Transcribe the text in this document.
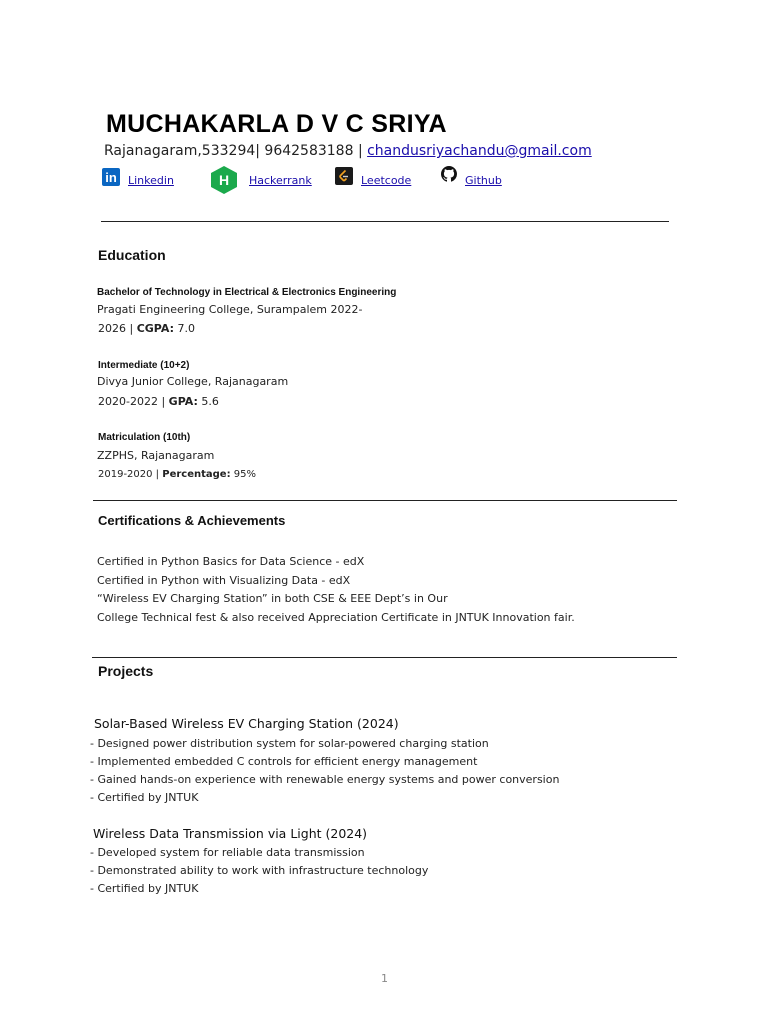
MUCHAKARLA D V C SRIYA
Rajanagaram,533294| 9642583188 | chandusriyachandu@gmail.com
in Linkedin	H Hackerrank	Leetcode	Github
Education
Bachelor of Technology in Electrical & Electronics Engineering
Pragati Engineering College, Surampalem 2022-
2026 | CGPA: 7.0
Intermediate (10+2)
Divya Junior College, Rajanagaram
2020-2022 | GPA: 5.6
Matriculation (10th)
ZZPHS, Rajanagaram
2019-2020 | Percentage: 95%
Certifications & Achievements
Certified in Python Basics for Data Science - edX
Certified in Python with Visualizing Data - edX
“Wireless EV Charging Station” in both CSE & EEE Dept’s in Our
College Technical fest & also received Appreciation Certificate in JNTUK Innovation fair.
Projects
Solar-Based Wireless EV Charging Station (2024)
- Designed power distribution system for solar-powered charging station
- Implemented embedded C controls for efficient energy management
- Gained hands-on experience with renewable energy systems and power conversion
- Certified by JNTUK
Wireless Data Transmission via Light (2024)
- Developed system for reliable data transmission
- Demonstrated ability to work with infrastructure technology
- Certified by JNTUK
1
